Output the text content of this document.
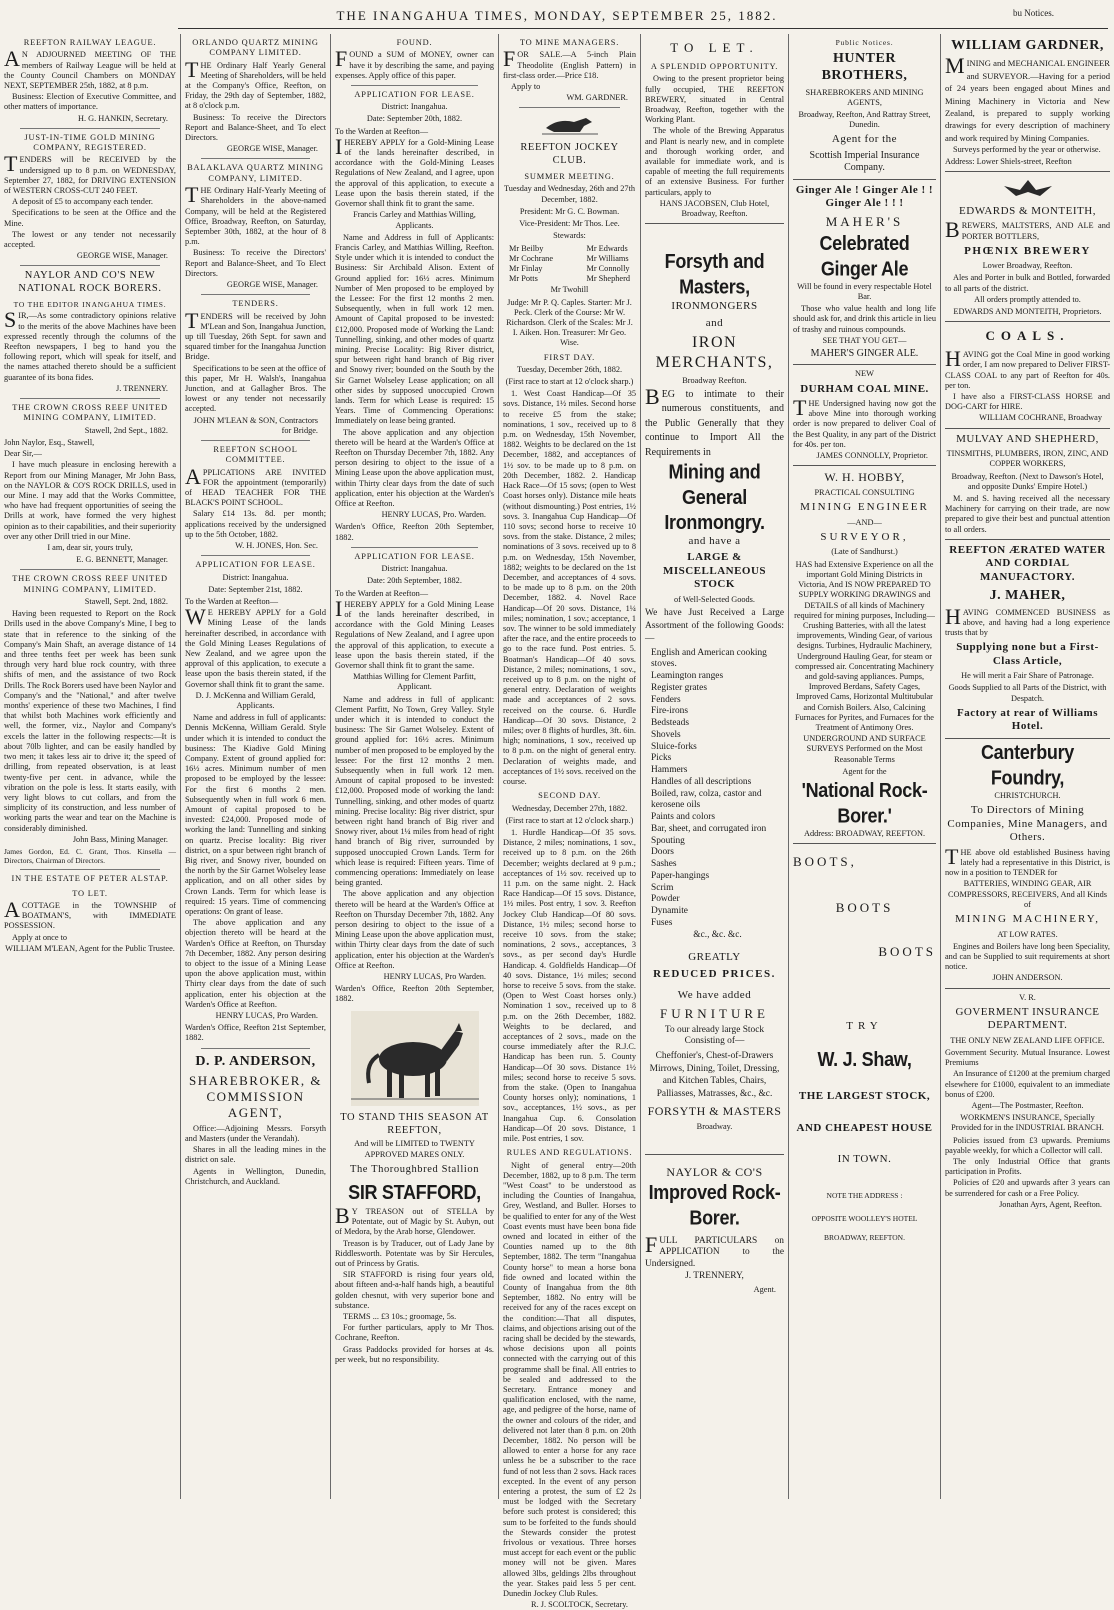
THE INANGAHUA TIMES, MONDAY, SEPTEMBER 25, 1882.	bu Notices.
REEFTON RAILWAY LEAGUE.
AN ADJOURNED MEETING OF THE members of Railway League will be held at the County Council Chambers on MONDAY NEXT, SEPTEMBER 25th, 1882, at 8 p.m.
Business: Election of Executive Committee, and other matters of importance.
H. G. HANKIN, Secretary.
JUST-IN-TIME GOLD MINING COMPANY, REGISTERED.
TENDERS will be RECEIVED by the undersigned up to 8 p.m. on WEDNESDAY, September 27, 1882, for DRIVING EXTENSION of WESTERN CROSS-CUT 240 FEET.
A deposit of £5 to accompany each tender.
Specifications to be seen at the Office and the Mine.
The lowest or any tender not necessarily accepted.
GEORGE WISE, Manager.
NAYLOR AND CO'S NEW NATIONAL ROCK BORERS.
TO THE EDITOR INANGAHUA TIMES.
SIR,—As some contradictory opinions relative to the merits of the above Machines have been expressed recently through the columns of the Reefton newspapers, I beg to hand you the following report, which will speak for itself, and the names attached thereto should be a sufficient guarantee of its bona fides.
J. TRENNERY.
THE CROWN CROSS REEF UNITED MINING COMPANY, LIMITED.
Stawell, 2nd Sept., 1882.
John Naylor, Esq., Stawell,
Dear Sir,—
I have much pleasure in enclosing herewith a Report from our Mining Manager, Mr John Bass, on the NAYLOR & CO'S ROCK DRILLS, used in our Mine. I may add that the Works Committee, who have had frequent opportunities of seeing the Drills at work, have formed the very highest opinion as to their capabilities, and their superiority over any other Drill tried in our Mine.
I am, dear sir, yours truly,
E. G. BENNETT, Manager.
THE CROWN CROSS REEF UNITED MINING COMPANY, LIMITED.
Stawell, Sept. 2nd, 1882.
Having been requested to Report on the Rock Drills used in the above Company's Mine, I beg to state that in reference to the sinking of the Company's Main Shaft, an average distance of 14 and three tenths feet per week has been sunk through very hard blue rock country, with three shifts of men, and the assistance of two Rock Drills. The Rock Borers used have been Naylor and Company's and the "National," and after twelve months' experience of these two Machines, I find that whilst both Machines work efficiently and well, the former, viz., Naylor and Company's excels the latter in the following respects:—It is about 70lb lighter, and can be easily handled by two men; it takes less air to drive it; the speed of drilling, from repeated observation, is at least twenty-five per cent. in advance, while the vibration on the pole is less. It starts easily, with very light blows to cut collars, and from the simplicity of its construction, and less number of working parts the wear and tear on the Machine is considerably diminished.
John Bass, Mining Manager.
James Gordon, Ed. C. Grant, Thos. Kinsella — Directors, Chairman of Directors.
IN THE ESTATE OF PETER ALSTAP.
TO LET.
ACOTTAGE in the TOWNSHIP of BOATMAN'S, with IMMEDIATE POSSESSION.
Apply at once to
WILLIAM M'LEAN, Agent for the Public Trustee.
ORLANDO QUARTZ MINING COMPANY LIMITED.
THE Ordinary Half Yearly General Meeting of Shareholders, will be held at the Company's Office, Reefton, on Friday, the 29th day of September, 1882, at 8 o'clock p.m.
Business: To receive the Directors Report and Balance-Sheet, and To elect Directors.
GEORGE WISE, Manager.
BALAKLAVA QUARTZ MINING COMPANY, LIMITED.
THE Ordinary Half-Yearly Meeting of Shareholders in the above-named Company, will be held at the Registered Office, Broadway, Reefton, on Saturday, September 30th, 1882, at the hour of 8 p.m.
Business: To receive the Directors' Report and Balance-Sheet, and To Elect Directors.
GEORGE WISE, Manager.
TENDERS.
TENDERS will be received by John M'Lean and Son, Inangahua Junction, up till Tuesday, 26th Sept. for sawn and squared timber for the Inangahua Junction Bridge.
Specifications to be seen at the office of this paper, Mr H. Walsh's, Inangahua Junction, and at Gallagher Bros. The lowest or any tender not necessarily accepted.
JOHN M'LEAN & SON, Contractors for Bridge.
REEFTON SCHOOL COMMITTEE.
APPLICATIONS ARE INVITED FOR the appointment (temporarily) of HEAD TEACHER FOR THE BLACK'S POINT SCHOOL.
Salary £14 13s. 8d. per month; applications received by the undersigned up to the 5th October, 1882.
W. H. JONES, Hon. Sec.
APPLICATION FOR LEASE.
District: Inangahua.
Date: September 21st, 1882.
To the Warden at Reefton—
WE HEREBY APPLY for a Gold Mining Lease of the lands hereinafter described, in accordance with the Gold Mining Leases Regulations of New Zealand, and we agree upon the approval of this application, to execute a lease upon the basis therein stated, if the Governor shall think fit to grant the same.
D. J. McKenna and William Gerald, Applicants.
Name and address in full of applicants: Dennis McKenna, William Gerald. Style under which it is intended to conduct the business: The Kiadive Gold Mining Company. Extent of ground applied for: 16½ acres. Minimum number of men proposed to be employed by the lessee: For the first 6 months 2 men. Subsequently when in full work 6 men. Amount of capital proposed to be invested: £24,000. Proposed mode of working the land: Tunnelling and sinking on quartz. Precise locality: Big river district, on a spur between right branch of Big river, and Snowy river, bounded on the north by the Sir Garnet Wolseley lease application, and on all other sides by Crown Lands. Term for which lease is required: 15 years. Time of commencing operations: On grant of lease.
The above application and any objection thereto will be heard at the Warden's Office at Reefton, on Thursday 7th December, 1882. Any person desiring to object to the issue of a Mining Lease upon the above application must, within Thirty clear days from the date of such application, enter his objection at the Warden's Office at Reefton.
HENRY LUCAS, Pro Warden.
Warden's Office, Reefton 21st September, 1882.
D. P. ANDERSON,
SHAREBROKER, & COMMISSION AGENT,
Office:—Adjoining Messrs. Forsyth and Masters (under the Verandah).
Shares in all the leading mines in the district on sale.
Agents in Wellington, Dunedin, Christchurch, and Auckland.
FOUND.
FOUND a SUM of MONEY, owner can have it by describing the same, and paying expenses. Apply office of this paper.
APPLICATION FOR LEASE.
District: Inangahua.
Date: September 20th, 1882.
To the Warden at Reefton—
IHEREBY APPLY for a Gold-Mining Lease of the lands hereinafter described, in accordance with the Gold-Mining Leases Regulations of New Zealand, and I agree, upon the approval of this application, to execute a Lease upon the basis therein stated, if the Governor shall think fit to grant the same.
Francis Carley and Matthias Willing, Applicants.
Name and Address in full of Applicants: Francis Carley, and Matthias Willing, Reefton. Style under which it is intended to conduct the Business: Sir Archibald Alison. Extent of Ground applied for: 16½ acres. Minimum Number of Men proposed to be employed by the Lessee: For the first 12 months 2 men. Subsequently, when in full work 12 men. Amount of Capital proposed to be invested: £12,000. Proposed mode of Working the Land: Tunnelling, sinking, and other modes of quartz mining. Precise Locality: Big River district, spur between right hand branch of Big river and Snowy river; bounded on the South by the Sir Garnet Wolseley Lease application; on all other sides by supposed unoccupied Crown lands. Term for which Lease is required: 15 Years. Time of Commencing Operations: Immediately on lease being granted.
The above application and any objection thereto will be heard at the Warden's Office at Reefton on Thursday December 7th, 1882. Any person desiring to object to the issue of a Mining Lease upon the above application must, within Thirty clear days from the date of such application, enter his objection at the Warden's Office at Reefton.
HENRY LUCAS, Pro. Warden.
Warden's Office, Reefton 20th September, 1882.
APPLICATION FOR LEASE.
District: Inangahua.
Date: 20th September, 1882.
To the Warden at Reefton—
IHEREBY APPLY for a Gold Mining Lease of the lands hereinafter described, in accordance with the Gold Mining Leases Regulations of New Zealand, and I agree upon the approval of this application, to execute a lease upon the basis therein stated, if the Governor shall think fit to grant the same.
Matthias Willing for Clement Parfitt, Applicant.
Name and address in full of applicant: Clement Parfitt, No Town, Grey Valley. Style under which it is intended to conduct the business: The Sir Garnet Wolseley. Extent of ground applied for: 16½ acres. Minimum number of men proposed to be employed by the lessee: For the first 12 months 2 men. Subsequently when in full work 12 men. Amount of capital proposed to be invested: £12,000. Proposed mode of working the land: Tunnelling, sinking, and other modes of quartz mining. Precise locality: Big river district, spur between right hand branch of Big river and Snowy river, about 1¼ miles from head of right hand branch of Big river, surrounded by supposed unoccupied Crown Lands. Term for which lease is required: Fifteen years. Time of commencing operations: Immediately on lease being granted.
The above application and any objection thereto will be heard at the Warden's Office at Reefton on Thursday December 7th, 1882. Any person desiring to object to the issue of a Mining Lease upon the above application must, within Thirty clear days from the date of such application, enter his objection at the Warden's Office at Reefton.
HENRY LUCAS, Pro Warden.
Warden's Office, Reefton 20th September, 1882.
TO STAND THIS SEASON AT REEFTON,
And will be LIMITED to TWENTY APPROVED MARES ONLY.
The Thoroughbred Stallion
SIR STAFFORD,
BY TREASON out of STELLA by Potentate, out of Magic by St. Aubyn, out of Medora, by the Arab horse, Glendower.
Treason is by Traducer, out of Lady Jane by Riddlesworth. Potentate was by Sir Hercules, out of Princess by Gratis.
SIR STAFFORD is rising four years old, about fifteen and-a-half hands high, a beautiful golden chesnut, with very superior bone and substance.
TERMS ... £3 10s.; groomage, 5s.
For further particulars, apply to Mr Thos. Cochrane, Reefton.
Grass Paddocks provided for horses at 4s. per week, but no responsibility.
TO MINE MANAGERS.
FOR SALE.—A 5-inch Plain Theodolite (English Pattern) in first-class order.—Price £18.
Apply to
WM. GARDNER.
REEFTON JOCKEY CLUB.
SUMMER MEETING.
Tuesday and Wednesday, 26th and 27th December, 1882.
President: Mr G. C. Bowman.
Vice-President: Mr Thos. Lee.
Stewards:
Mr Beilby
Mr Cochrane
Mr Finlay
Mr Potts
Mr Edwards
Mr Williams
Mr Connolly
Mr Shepherd
Mr Twohill
Judge: Mr P. Q. Caples. Starter: Mr J. Peck. Clerk of the Course: Mr W. Richardson. Clerk of the Scales: Mr J. I. Aiken. Hon. Treasurer: Mr Geo. Wise.
FIRST DAY.
Tuesday, December 26th, 1882.
(First race to start at 12 o'clock sharp.)
1. West Coast Handicap—Of 35 sovs. Distance, 1½ miles. Second horse to receive £5 from the stake; nominations, 1 sov., received up to 8 p.m. on Wednesday, 15th November, 1882. Weights to be declared on the 1st December, 1882, and acceptances of 1½ sov. to be made up to 8 p.m. on 20th December, 1882. 2. Handicap Hack Race—Of 15 sovs; (open to West Coast horses only). Distance mile heats (without dismounting.) Post entries, 1½ sovs. 3. Inangahua Cup Handicap—Of 110 sovs; second horse to receive 10 sovs. from the stake. Distance, 2 miles; nominations of 3 sovs. received up to 8 p.m. on Wednesday, 15th November, 1882; weights to be declared on the 1st December, and acceptances of 4 sovs. to be made up to 8 p.m. on the 20th December, 1882. 4. Novel Race Handicap—Of 20 sovs. Distance, 1¼ miles; nomination, 1 sov.; acceptance, 1 sov. The winner to be sold immediately after the race, and the entire proceeds to go to the race fund. Post entries. 5. Boatman's Handicap—Of 40 sovs. Distance, 2 miles; nominations, 1 sov., received up to 8 p.m. on the night of general entry. Declaration of weights made and acceptances of 2 sovs. received on the course. 6. Hurdle Handicap—Of 30 sovs. Distance, 2 miles; over 8 flights of hurdles, 3ft. 6in. high; nominations, 1 sov., received up to 8 p.m. on the night of general entry. Declaration of weights made, and acceptances of 1½ sovs. received on the course.
SECOND DAY.
Wednesday, December 27th, 1882.
(First race to start at 12 o'clock sharp.)
1. Hurdle Handicap—Of 35 sovs. Distance, 2 miles; nominations, 1 sov., received up to 8 p.m. on the 26th December; weights declared at 9 p.m.; acceptances of 1½ sov. received up to 11 p.m. on the same night. 2. Hack Race Handicap—Of 15 sovs. Distance, 1½ miles. Post entry, 1 sov. 3. Reefton Jockey Club Handicap—Of 80 sovs. Distance, 1½ miles; second horse to receive 10 sovs. from the stake; nominations, 2 sovs., acceptances, 3 sovs., as per second day's Hurdle Handicap. 4. Goldfields Handicap—Of 40 sovs. Distance, 1½ miles; second horse to receive 5 sovs. from the stake. (Open to West Coast horses only.) Nomination 1 sov., received up to 8 p.m. on the 26th December, 1882. Weights to be declared, and acceptances of 2 sovs., made on the course immediately after the R.J.C. Handicap has been run. 5. County Handicap—Of 30 sovs. Distance 1½ miles; second horse to receive 5 sovs. from the stake. (Open to Inangahua County horses only); nominations, 1 sov., acceptances, 1½ sovs., as per Inangahua Cup. 6. Consolation Handicap—Of 20 sovs. Distance, 1 mile. Post entries, 1 sov.
RULES AND REGULATIONS.
Night of general entry—20th December, 1882, up to 8 p.m. The term "West Coast" to be understood as including the Counties of Inangahua, Grey, Westland, and Buller. Horses to be qualified to enter for any of the West Coast events must have been bona fide owned and located in either of the Counties named up to the 8th September, 1882. The term "Inangahua County horse" to mean a horse bona fide owned and located within the County of Inangahua from the 8th September, 1882. No entry will be received for any of the races except on the condition:—That all disputes, claims, and objections arising out of the racing shall be decided by the stewards, whose decisions upon all points connected with the carrying out of this programme shall be final. All entries to be sealed and addressed to the Secretary. Entrance money and qualification enclosed, with the name, age, and pedigree of the horse, name of the owner and colours of the rider, and delivered not later than 8 p.m. on 20th December, 1882. No person will be allowed to enter a horse for any race unless he be a subscriber to the race fund of not less than 2 sovs. Hack races excepted. In the event of any person entering a protest, the sum of £2 2s must be lodged with the Secretary before such protest is considered; this sum to be forfeited to the funds should the Stewards consider the protest frivolous or vexatious. Three horses must accept for each event or the public money will not be given. Mares allowed 3lbs, geldings 2lbs throughout the year. Stakes paid less 5 per cent. Dunedin Jockey Club Rules.
R. J. SCOLTOCK, Secretary.
TO LET.
A SPLENDID OPPORTUNITY.
Owing to the present proprietor being fully occupied, THE REEFTON BREWERY, situated in Central Broadway, Reefton, together with the Working Plant.
The whole of the Brewing Apparatus and Plant is nearly new, and in complete and thorough working order, and available for immediate work, and is capable of meeting the full requirements of an extensive Business. For further particulars, apply to
HANS JACOBSEN, Club Hotel, Broadway, Reefton.
Forsyth and Masters,
IRONMONGERS
and
IRON MERCHANTS,
Broadway Reefton.
BEG to intimate to their numerous constituents, and the Public Generally that they continue to Import All the Requirements in
Mining and General Ironmongry.
and have a
LARGE & MISCELLANEOUS STOCK
of Well-Selected Goods.
We have Just Received a Large Assortment of the following Goods:—
English and American cooking stoves.
Leamington ranges
Register grates
Fenders
Fire-irons
Bedsteads
Shovels
Sluice-forks
Picks
Hammers
Handles of all descriptions
Boiled, raw, colza, castor and kerosene oils
Paints and colors
Bar, sheet, and corrugated iron
Spouting
Doors
Sashes
Paper-hangings
Scrim
Powder
Dynamite
Fuses
&c., &c. &c.
GREATLY
REDUCED PRICES.
We have added
FURNITURE
To our already large Stock Consisting of—
Cheffonier's, Chest-of-Drawers Mirrows, Dining, Toilet, Dressing, and Kitchen Tables, Chairs, Palliasses, Matrasses, &c., &c.
FORSYTH & MASTERS
Broadway.
NAYLOR & CO'S
Improved Rock-Borer.
FULL PARTICULARS on APPLICATION to the Undersigned.
J. TRENNERY,
Agent.
Public Notices.
HUNTER BROTHERS,
SHAREBROKERS AND MINING AGENTS,
Broadway, Reefton, And Rattray Street, Dunedin.
Agent for the
Scottish Imperial Insurance Company.
Ginger Ale ! Ginger Ale ! ! Ginger Ale ! ! !
MAHER'S
Celebrated Ginger Ale
Will be found in every respectable Hotel Bar.
Those who value health and long life should ask for, and drink this article in lieu of trashy and ruinous compounds.
SEE THAT YOU GET—
MAHER'S GINGER ALE.
NEW
DURHAM COAL MINE.
THE Undersigned having now got the above Mine into thorough working order is now prepared to deliver Coal of the Best Quality, in any part of the District for 40s. per ton.
JAMES CONNOLLY, Proprietor.
W. H. HOBBY,
PRACTICAL CONSULTING
MINING ENGINEER
—AND—
SURVEYOR,
(Late of Sandhurst.)
HAS had Extensive Experience on all the important Gold Mining Districts in Victoria, And IS NOW PREPARED TO SUPPLY WORKING DRAWINGS and DETAILS of all kinds of Machinery required for mining purposes, Including— Crushing Batteries, with all the latest improvements, Winding Gear, of various designs. Turbines, Hydraulic Machinery, Underground Hauling Gear, for steam or compressed air. Concentrating Machinery and gold-saving appliances. Pumps, Improved Berdans, Safety Cages, Improved Cams, Horizontal Multitubular and Cornish Boilers. Also, Calcining Furnaces for Pyrites, and Furnaces for the Treatment of Antimony Ores.
UNDERGROUND AND SURFACE SURVEYS Performed on the Most Reasonable Terms
Agent for the
'National Rock-Borer.'
Address: BROADWAY, REEFTON.
BOOTS,
BOOTS
BOOTS
TRY
W. J. Shaw,
THE LARGEST STOCK,
AND CHEAPEST HOUSE
IN TOWN.
NOTE THE ADDRESS :
OPPOSITE WOOLLEY'S HOTEL
BROADWAY, REEFTON.
WILLIAM GARDNER,
MINING and MECHANICAL ENGINEER and SURVEYOR.—Having for a period of 24 years been engaged about Mines and Mining Machinery in Victoria and New Zealand, is prepared to supply working drawings for every description of machinery and work required by Mining Companies.
Surveys performed by the year or otherwise.
Address: Lower Shiels-street, Reefton
EDWARDS & MONTEITH,
BREWERS, MALTSTERS, AND ALE and PORTER BOTTLERS,
PHŒNIX BREWERY
Lower Broadway, Reefton.
Ales and Porter in bulk and Bottled, forwarded to all parts of the district.
All orders promptly attended to.
EDWARDS AND MONTEITH, Proprietors.
COALS.
HAVING got the Coal Mine in good working order, I am now prepared to Deliver FIRST-CLASS COAL to any part of Reefton for 40s. per ton.
I have also a FIRST-CLASS HORSE and DOG-CART for HIRE.
WILLIAM COCHRANE, Broadway
MULVAY AND SHEPHERD,
TINSMITHS, PLUMBERS, IRON, ZINC, AND COPPER WORKERS,
Broadway, Reefton. (Next to Dawson's Hotel, and opposite Dunks' Empire Hotel.)
M. and S. having received all the necessary Machinery for carrying on their trade, are now prepared to give their best and punctual attention to all orders.
REEFTON ÆRATED WATER AND CORDIAL MANUFACTORY.
J. MAHER,
HAVING COMMENCED BUSINESS as above, and having had a long experience trusts that by
Supplying none but a First-Class Article,
He will merit a Fair Share of Patronage.
Goods Supplied to all Parts of the District, with Despatch.
Factory at rear of Williams Hotel.
Canterbury Foundry,
CHRISTCHURCH.
To Directors of Mining Companies, Mine Managers, and Others.
THE above old established Business having lately had a representative in this District, is now in a position to TENDER for
BATTERIES, WINDING GEAR, AIR COMPRESSORS, RECEIVERS, And all Kinds of
MINING MACHINERY,
AT LOW RATES.
Engines and Boilers have long been Speciality, and can be Supplied to suit requirements at short notice.
JOHN ANDERSON.
V. R.
GOVERMENT INSURANCE DEPARTMENT.
THE ONLY NEW ZEALAND LIFE OFFICE.
Government Security. Mutual Insurance. Lowest Premiums
An Insurance of £1200 at the premium charged elsewhere for £1000, equivalent to an immediate bonus of £200.
Agent—The Postmaster, Reefton.
WORKMEN'S INSURANCE, Specially Provided for in the INDUSTRIAL BRANCH.
Policies issued from £3 upwards. Premiums payable weekly, for which a Collector will call.
The only Industrial Office that grants participation in Profits.
Policies of £20 and upwards after 3 years can be surrendered for cash or a Free Policy.
Jonathan Ayrs, Agent, Reefton.
